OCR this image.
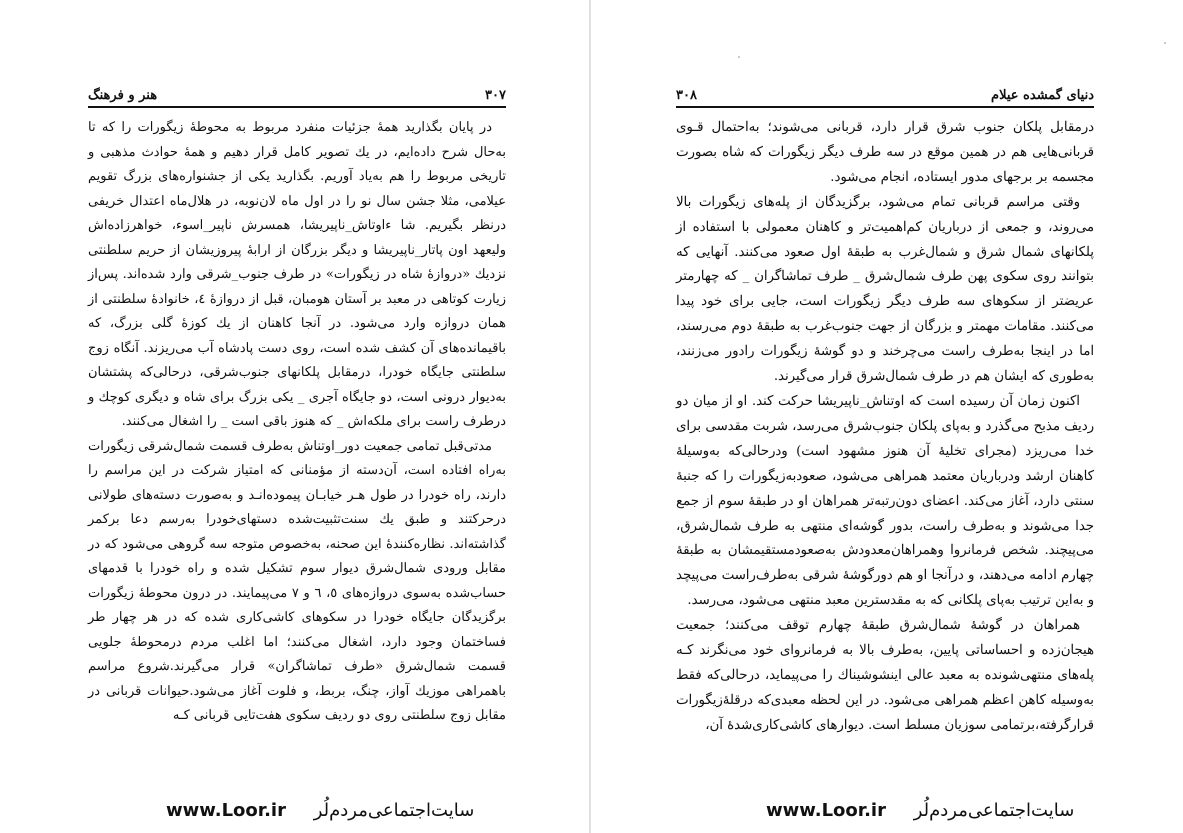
۳۰۷
هنر و فرهنگ

در پایان بگذارید همهٔ جزئیات منفرد مربوط به محوطهٔ زیگورات را که تا به‌حال شرح داده‌ایم، در یك تصویر کامل قرار دهیم و همهٔ حوادث مذهبی و تاریخی مربوط را هم به‌یاد آوریم. بگذارید یکی از جشنواره‌های بزرگ تقویم عیلامی، مثلا جشن سال نو را در اول ماه لان‌نوبه، در هلال‌ماه اعتدال خریفی درنظر بگیریم. شا ءاوتاش_ناپیریشا، همسرش ناپیر_اسوء، خواهرزاده‌اش ولیعهد اون پاتار_ناپیریشا و دیگر بزرگان از ارابهٔ پیروزیشان از حریم سلطنتی نزدیك «دروازهٔ شاه در زیگورات» در طرف جنوب_شرقی وارد شده‌اند. پس‌از زیارت کوتاهی در معبد بر آستان هومبان، قبل از دروازهٔ ٤، خانوادهٔ سلطنتی از همان دروازه وارد می‌شود. در آنجا کاهنان از یك کوزهٔ گلی بزرگ، که باقیمانده‌های آن کشف شده است، روی دست پادشاه آب می‌ریزند. آنگاه زوج سلطنتی جایگاه خودرا، درمقابل پلکانهای جنوب‌شرقی، درحالی‌که پشتشان به‌دیوار درونی است، دو جایگاه آجری _ یکی بزرگ برای شاه و دیگری کوچك و درطرف راست برای ملکه‌اش _ که هنوز باقی است _ را اشغال می‌کنند.

مدتی‌قبل تمامی جمعیت دور_اوتناش به‌طرف قسمت شمال‌شرقی زیگورات به‌راه افتاده است، آن‌دسته از مؤمنانی که امتیاز شرکت در این مراسم را دارند، راه خودرا در طول هـر خیابـان پیموده‌انـد و به‌صورت دسته‌های طولانی درحرکتند و طبق یك سنت‌تثبیت‌شده دستهای‌خودرا به‌رسم دعا برکمر گذاشته‌اند. نظاره‌کنندهٔ این صحنه، به‌خصوص متوجه سه گروهی می‌شود که در مقابل ورودی شمال‌شرق دیوار سوم تشکیل شده و راه خودرا با قدمهای حساب‌شده به‌سوی دروازه‌های ٥، ٦ و ٧ می‌پیمایند. در درون محوطهٔ زیگورات برگزیدگان جایگاه خودرا در سکوهای کاشی‌کاری شده که در هر چهار طر فساختمان وجود دارد، اشغال می‌کنند؛ اما اغلب مردم درمحوطهٔ جلویی قسمت شمال‌شرق «طرف تماشاگران» قرار می‌گیرند.شروع مراسم باهمراهی موزیك آواز، چنگ، بربط، و فلوت آغاز می‌شود.حیوانات قربانی در مقابل زوج سلطنتی روی دو ردیف سکوی هفت‌تایی قربانی کـه

۳۰۸	دنیای گمشده عیلام

درمقابل پلکان جنوب شرق قرار دارد، قربانی می‌شوند؛ به‌احتمال قـوی قربانی‌هایی هم در همین موقع در سه طرف دیگر زیگورات که شاه بصورت مجسمه بر برجهای مدور ایستاده، انجام می‌شود.

وقتی مراسم قربانی تمام می‌شود، برگزیدگان از پله‌های زیگورات بالا می‌روند، و جمعی از درباریان کم‌اهمیت‌تر و کاهنان معمولی با استفاده از پلکانهای شمال شرق و شمال‌غرب به طبقهٔ اول صعود می‌کنند. آنهایی که بتوانند روی سکوی پهن طرف شمال‌شرق _ طرف تماشاگران _ که چهارمتر عریضتر از سکوهای سه طرف دیگر زیگورات است، جایی برای خود پیدا می‌کنند. مقامات مهمتر و بزرگان از جهت جنوب‌غرب به طبقهٔ دوم می‌رسند، اما در اینجا به‌طرف راست می‌چرخند و دو گوشهٔ زیگورات رادور می‌زنند، به‌طوری که ایشان هم در طرف شمال‌شرق قرار می‌گیرند.

اکنون زمان آن رسیده است که اوتناش_ناپیریشا حرکت کند. او از میان دو ردیف مذبح می‌گذرد و به‌پای پلکان جنوب‌شرق می‌رسد، شربت مقدسی برای خدا می‌ریزد (مجرای تخلیهٔ آن هنوز مشهود است) ودرحالی‌که به‌وسیلهٔ کاهنان ارشد ودرباریان معتمد همراهی می‌شود، صعودبه‌زیگورات را که جنبهٔ سنتی دارد، آغاز می‌کند. اعضای دون‌رتبه‌تر همراهان او در طبقهٔ سوم از جمع جدا می‌شوند و به‌طرف راست، بدور گوشه‌ای منتهی به طرف شمال‌شرق، می‌پیچند. شخص فرمانروا وهمراهان‌معدودش به‌صعودمستقیمشان به طبقهٔ چهارم ادامه می‌دهند، و درآنجا او هم دورگوشهٔ شرقی به‌طرف‌راست می‌پیچد و به‌این ترتیب به‌پای پلکانی که به مقدسترین معبد منتهی می‌شود، می‌رسد.

همراهان در گوشهٔ شمال‌شرق طبقهٔ چهارم توقف می‌کنند؛ جمعیت هیجان‌زده و احساساتی پایین، به‌طرف بالا به فرمانروای خود می‌نگرند کـه پله‌های منتهی‌شونده به معبد عالی اینشوشیناك را می‌پیماید، درحالی‌که فقط به‌وسیله کاهن اعظم همراهی می‌شود. در این لحظه معبدی‌که درقلهٔ‌زیگورات قرارگرفته،برتمامی سوزیان مسلط است. دیوارهای کاشی‌کاری‌شدهٔ آن،

www.Loor.ir سایت‌اجتماعی‌مردم‌لُر	www.Loor.ir سایت‌اجتماعی‌مردم‌لُر
